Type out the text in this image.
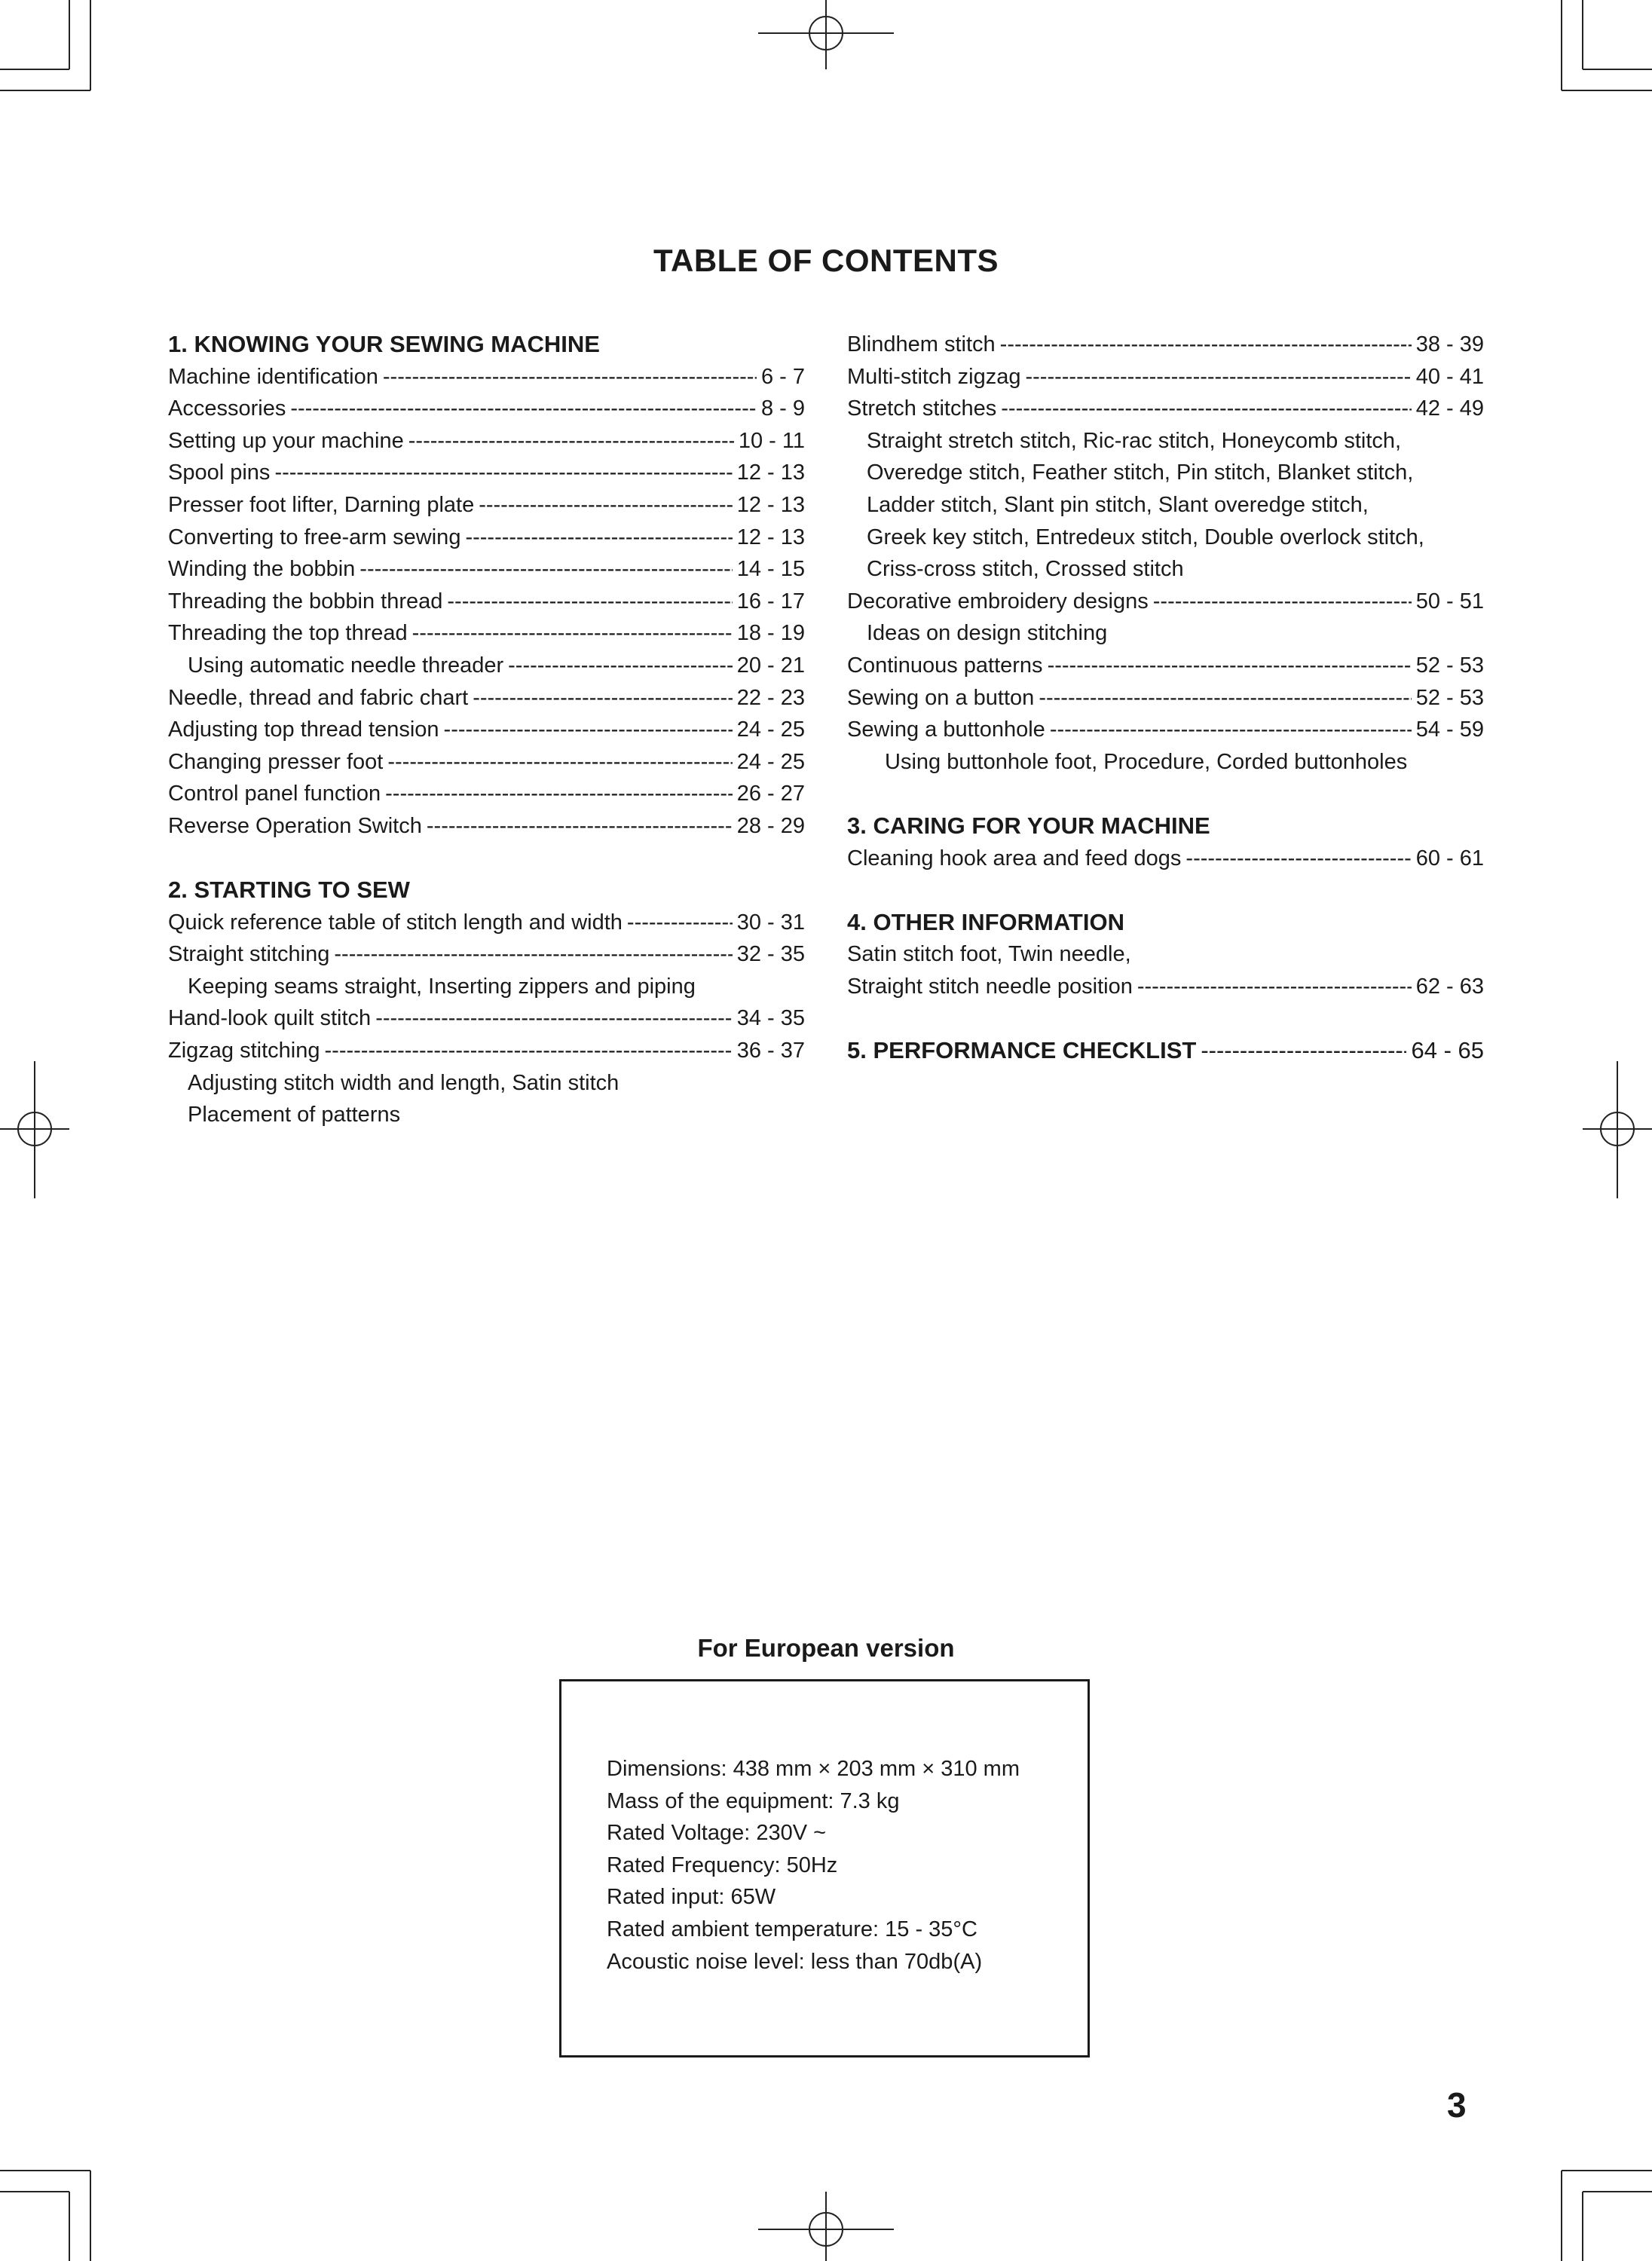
TABLE OF CONTENTS
1. KNOWING YOUR SEWING MACHINE
Machine identification -----	6 - 7
Accessories -----	8 - 9
Setting up your machine -----	10 - 11
Spool pins -----	12 - 13
Presser foot lifter, Darning plate -----	12 - 13
Converting to free-arm sewing -----	12 - 13
Winding the bobbin -----	14 - 15
Threading the bobbin thread -----	16 - 17
Threading the top thread -----	18 - 19
Using automatic needle threader -----	20 - 21
Needle, thread and fabric chart -----	22 - 23
Adjusting top thread tension -----	24 - 25
Changing presser foot -----	24 - 25
Control panel function -----	26 - 27
Reverse Operation Switch -----	28 - 29
2. STARTING TO SEW
Quick reference table of stitch length and width -----	30 - 31
Straight stitching -----	32 - 35
Keeping seams straight, Inserting zippers and piping
Hand-look quilt stitch -----	34 - 35
Zigzag stitching -----	36 - 37
Adjusting stitch width and length, Satin stitch
Placement of patterns
Blindhem stitch -----	38 - 39
Multi-stitch zigzag -----	40 - 41
Stretch stitches -----	42 - 49
Straight stretch stitch, Ric-rac stitch, Honeycomb stitch,
Overedge stitch, Feather stitch, Pin stitch, Blanket stitch,
Ladder stitch, Slant pin stitch, Slant overedge stitch,
Greek key stitch, Entredeux stitch, Double overlock stitch,
Criss-cross stitch, Crossed stitch
Decorative embroidery designs -----	50 - 51
Ideas on design stitching
Continuous patterns -----	52 - 53
Sewing on a button -----	52 - 53
Sewing a buttonhole -----	54 - 59
Using buttonhole foot, Procedure, Corded buttonholes
3. CARING FOR YOUR MACHINE
Cleaning hook area and feed dogs -----	60 - 61
4. OTHER INFORMATION
Satin stitch foot, Twin needle,
Straight stitch needle position -----	62 - 63
5. PERFORMANCE CHECKLIST -----	64 - 65
For European version
Dimensions: 438 mm × 203 mm × 310 mm
Mass of the equipment: 7.3 kg
Rated Voltage: 230V ~
Rated Frequency: 50Hz
Rated input: 65W
Rated ambient temperature: 15 - 35°C
Acoustic noise level: less than 70db(A)
3
